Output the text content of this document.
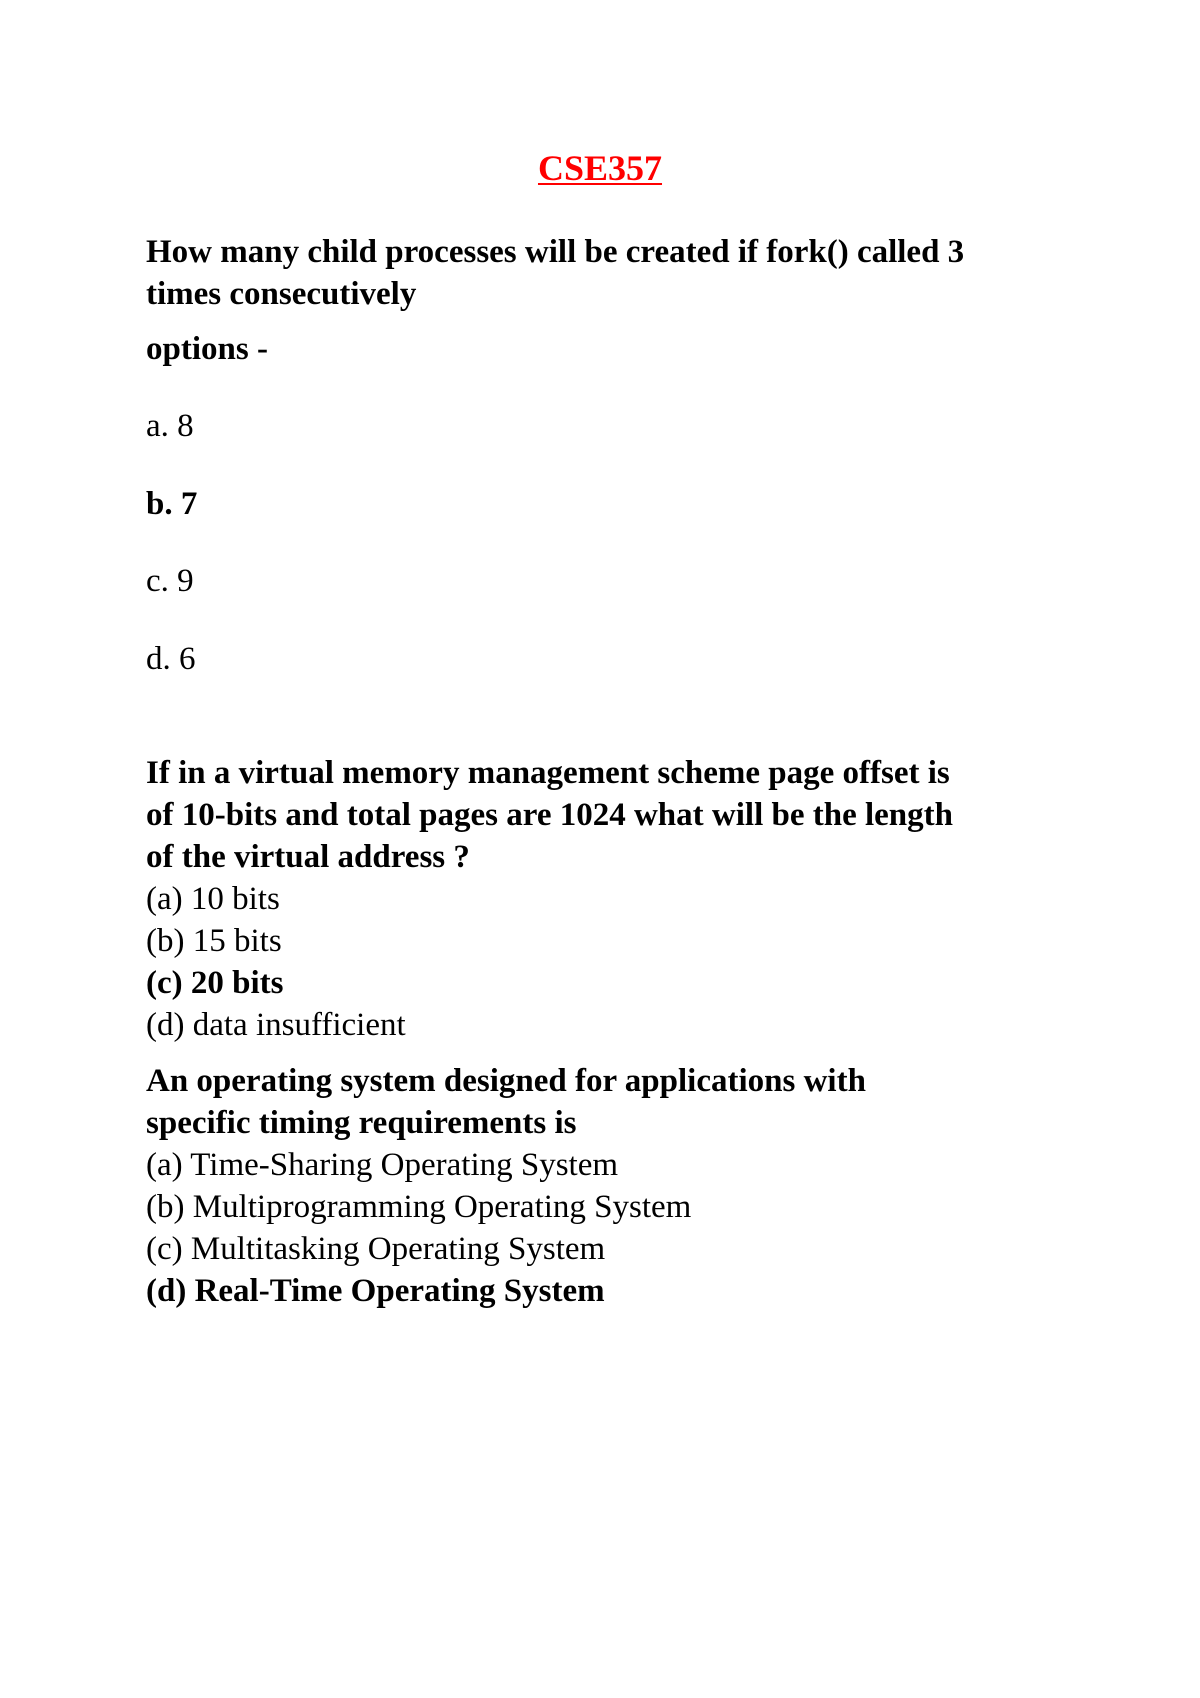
CSE357
How many child processes will be created if fork() called 3
times consecutively
options -
a. 8
b. 7
c. 9
d. 6
If in a virtual memory management scheme page offset is
of 10-bits and total pages are 1024 what will be the length
of the virtual address ?
(a) 10 bits
(b) 15 bits
(c) 20 bits
(d) data insufficient
An operating system designed for applications with
specific timing requirements is
(a) Time-Sharing Operating System
(b) Multiprogramming Operating System
(c) Multitasking Operating System
(d) Real-Time Operating System
